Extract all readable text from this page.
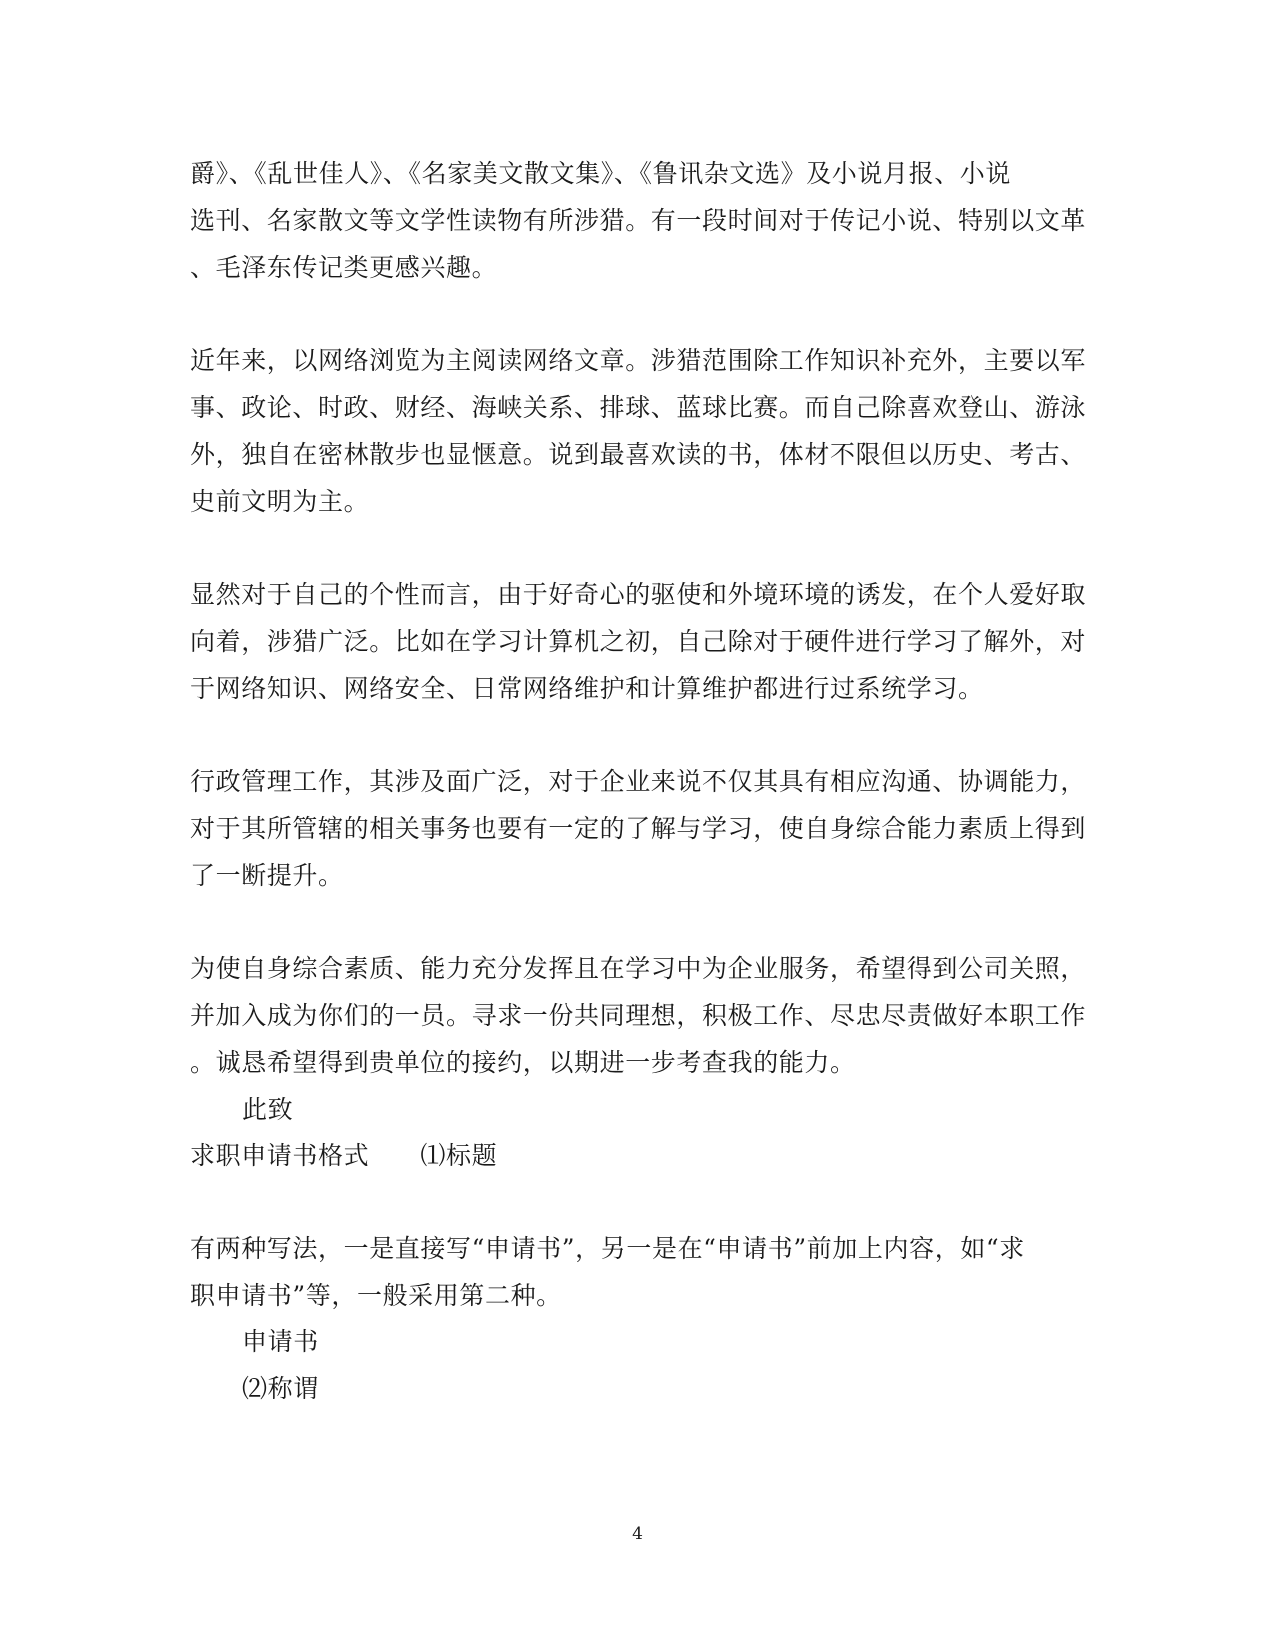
爵》、《乱世佳人》、《名家美文散文集》、《鲁讯杂文选》及小说月报、小说
选刊、名家散文等文学性读物有所涉猎。有一段时间对于传记小说、特别以文革
、毛泽东传记类更感兴趣。
近年来，以网络浏览为主阅读网络文章。涉猎范围除工作知识补充外，主要以军
事、政论、时政、财经、海峡关系、排球、蓝球比赛。而自己除喜欢登山、游泳
外，独自在密林散步也显惬意。说到最喜欢读的书，体材不限但以历史、考古、
史前文明为主。
显然对于自己的个性而言，由于好奇心的驱使和外境环境的诱发，在个人爱好取
向着，涉猎广泛。比如在学习计算机之初，自己除对于硬件进行学习了解外，对
于网络知识、网络安全、日常网络维护和计算维护都进行过系统学习。
行政管理工作，其涉及面广泛，对于企业来说不仅其具有相应沟通、协调能力，
对于其所管辖的相关事务也要有一定的了解与学习，使自身综合能力素质上得到
了一断提升。
为使自身综合素质、能力充分发挥且在学习中为企业服务，希望得到公司关照，
并加入成为你们的一员。寻求一份共同理想，积极工作、尽忠尽责做好本职工作
。诚恳希望得到贵单位的接约，以期进一步考查我的能力。
此致
求职申请书格式　　⑴标题
有两种写法，一是直接写“申请书”，另一是在“申请书”前加上内容，如“求
职申请书”等，一般采用第二种。
申请书
⑵称谓
4
